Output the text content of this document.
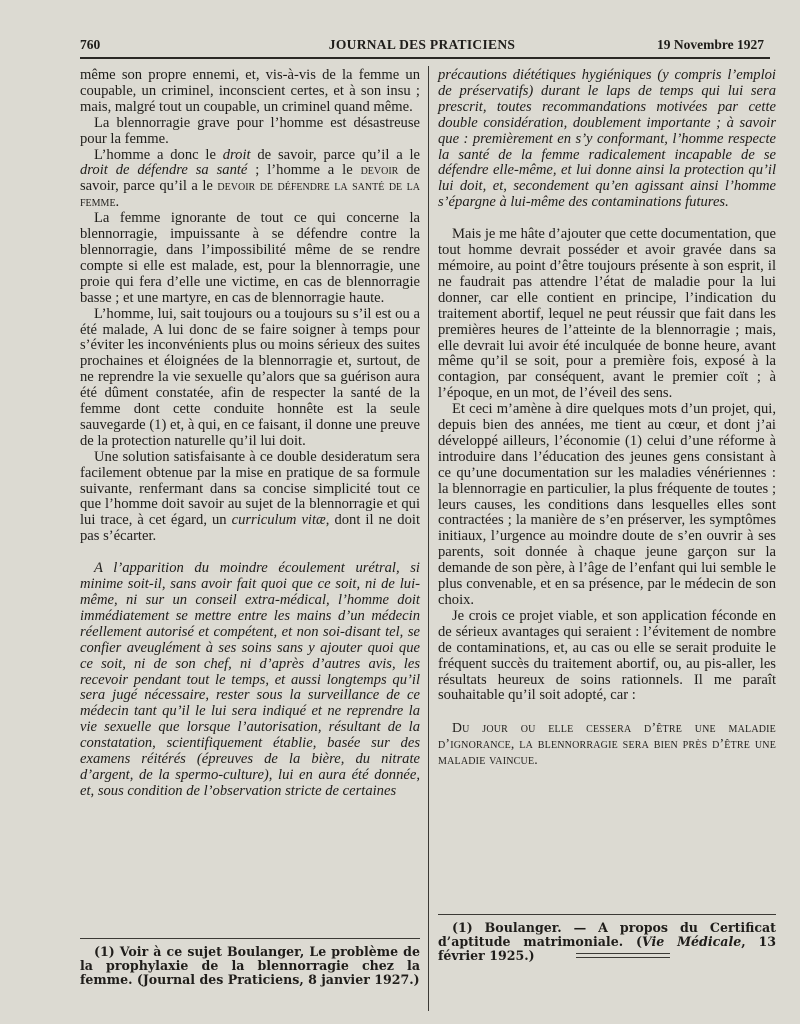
760	JOURNAL DES PRATICIENS	19 Novembre 1927

même son propre ennemi, et, vis-à-vis de la femme un coupable, un criminel, inconscient certes, et à son insu ; mais, malgré tout un coupable, un criminel quand même.

La blennorragie grave pour l’homme est désastreuse pour la femme.

L’homme a donc le droit de savoir, parce qu’il a le droit de défendre sa santé ; l’homme a le devoir de savoir, parce qu’il a le devoir de défendre la santé de la femme.

La femme ignorante de tout ce qui concerne la blennorragie, impuissante à se défendre contre la blennorragie, dans l’impossibilité même de se rendre compte si elle est malade, est, pour la blennorragie, une proie qui fera d’elle une victime, en cas de blennorragie basse ; et une martyre, en cas de blennorragie haute.

L’homme, lui, sait toujours ou a toujours su s’il est ou a été malade, A lui donc de se faire soigner à temps pour s’éviter les inconvénients plus ou moins sérieux des suites prochaines et éloignées de la blennorragie et, surtout, de ne reprendre la vie sexuelle qu’alors que sa guérison aura été dûment constatée, afin de respecter la santé de la femme dont cette conduite honnête est la seule sauvegarde (1) et, à qui, en ce faisant, il donne une preuve de la protection naturelle qu’il lui doit.

Une solution satisfaisante à ce double desideratum sera facilement obtenue par la mise en pratique de sa formule suivante, renfermant dans sa concise simplicité tout ce que l’homme doit savoir au sujet de la blennorragie et qui lui trace, à cet égard, un curriculum vitæ, dont il ne doit pas s’écarter.

A l’apparition du moindre écoulement urétral, si minime soit-il, sans avoir fait quoi que ce soit, ni de lui-même, ni sur un conseil extra-médical, l’homme doit immédiatement se mettre entre les mains d’un médecin réellement autorisé et compétent, et non soi-disant tel, se confier aveuglément à ses soins sans y ajouter quoi que ce soit, ni de son chef, ni d’après d’autres avis, les recevoir pendant tout le temps, et aussi longtemps qu’il sera jugé nécessaire, rester sous la surveillance de ce médecin tant qu’il le lui sera indiqué et ne reprendre la vie sexuelle que lorsque l’autorisation, résultant de la constatation, scientifiquement établie, basée sur des examens réitérés (épreuves de la bière, du nitrate d’argent, de la spermo-culture), lui en aura été donnée, et, sous condition de l’observation stricte de certaines

(1) Voir à ce sujet Boulanger, Le problème de la prophylaxie de la blennorragie chez la femme. (Journal des Praticiens, 8 janvier 1927.)

précautions diététiques hygiéniques (y compris l’emploi de préservatifs) durant le laps de temps qui lui sera prescrit, toutes recommandations motivées par cette double considération, doublement importante ; à savoir que : premièrement en s’y conformant, l’homme respecte la santé de la femme radicalement incapable de se défendre elle-même, et lui donne ainsi la protection qu’il lui doit, et, secondement qu’en agissant ainsi l’homme s’épargne à lui-même des contaminations futures.

Mais je me hâte d’ajouter que cette documentation, que tout homme devrait posséder et avoir gravée dans sa mémoire, au point d’être toujours présente à son esprit, il ne faudrait pas attendre l’état de maladie pour la lui donner, car elle contient en principe, l’indication du traitement abortif, lequel ne peut réussir que fait dans les premières heures de l’atteinte de la blennorragie ; mais, elle devrait lui avoir été inculquée de bonne heure, avant même qu’il se soit, pour a première fois, exposé à la contagion, par conséquent, avant le premier coït ; à l’époque, en un mot, de l’éveil des sens.

Et ceci m’amène à dire quelques mots d’un projet, qui, depuis bien des années, me tient au cœur, et dont j’ai développé ailleurs, l’économie (1) celui d’une réforme à introduire dans l’éducation des jeunes gens consistant à ce qu’une documentation sur les maladies vénériennes : la blennorragie en particulier, la plus fréquente de toutes ; leurs causes, les conditions dans lesquelles elles sont contractées ; la manière de s’en préserver, les symptômes initiaux, l’urgence au moindre doute de s’en ouvrir à ses parents, soit donnée à chaque jeune garçon sur la demande de son père, à l’âge de l’enfant qui lui semble le plus convenable, et en sa présence, par le médecin de son choix.

Je crois ce projet viable, et son application féconde en de sérieux avantages qui seraient : l’évitement de nombre de contaminations, et, au cas ou elle se serait produite le fréquent succès du traitement abortif, ou, au pis-aller, les résultats heureux de soins rationnels. Il me paraît souhaitable qu’il soit adopté, car :

Du jour ou elle cessera d’être une maladie d’ignorance, la blennorragie sera bien près d’être une maladie vaincue.

(1) Boulanger. — A propos du Certificat d’aptitude matrimoniale. (Vie Médicale, 13 février 1925.)
